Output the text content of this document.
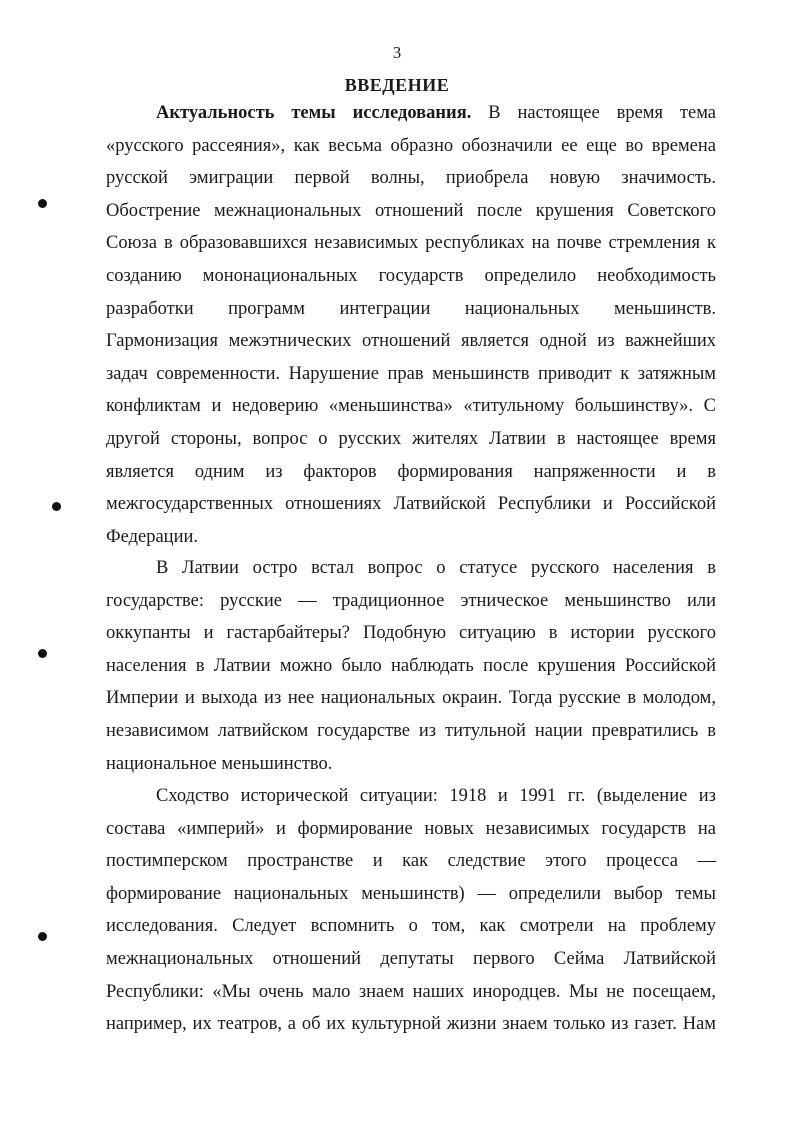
3
ВВЕДЕНИЕ
Актуальность темы исследования. В настоящее время тема
«русского рассеяния», как весьма образно обозначили ее еще во времена
русской эмиграции первой волны, приобрела новую значимость.
Обострение межнациональных отношений после крушения Советского
Союза в образовавшихся независимых республиках на почве стремления к
созданию мононациональных государств определило необходимость
разработки программ интеграции национальных меньшинств.
Гармонизация межэтнических отношений является одной из важнейших
задач современности. Нарушение прав меньшинств приводит к затяжным
конфликтам и недоверию «меньшинства» «титульному большинству». С
другой стороны, вопрос о русских жителях Латвии в настоящее время
является одним из факторов формирования напряженности и в
межгосударственных отношениях Латвийской Республики и Российской
Федерации.
В Латвии остро встал вопрос о статусе русского населения в
государстве: русские — традиционное этническое меньшинство или
оккупанты и гастарбайтеры? Подобную ситуацию в истории русского
населения в Латвии можно было наблюдать после крушения Российской
Империи и выхода из нее национальных окраин. Тогда русские в молодом,
независимом латвийском государстве из титульной нации превратились в
национальное меньшинство.
Сходство исторической ситуации: 1918 и 1991 гг. (выделение из
состава «империй» и формирование новых независимых государств на
постимперском пространстве и как следствие этого процесса —
формирование национальных меньшинств) — определили выбор темы
исследования. Следует вспомнить о том, как смотрели на проблему
межнациональных отношений депутаты первого Сейма Латвийской
Республики: «Мы очень мало знаем наших инородцев. Мы не посещаем,
например, их театров, а об их культурной жизни знаем только из газет. Нам
